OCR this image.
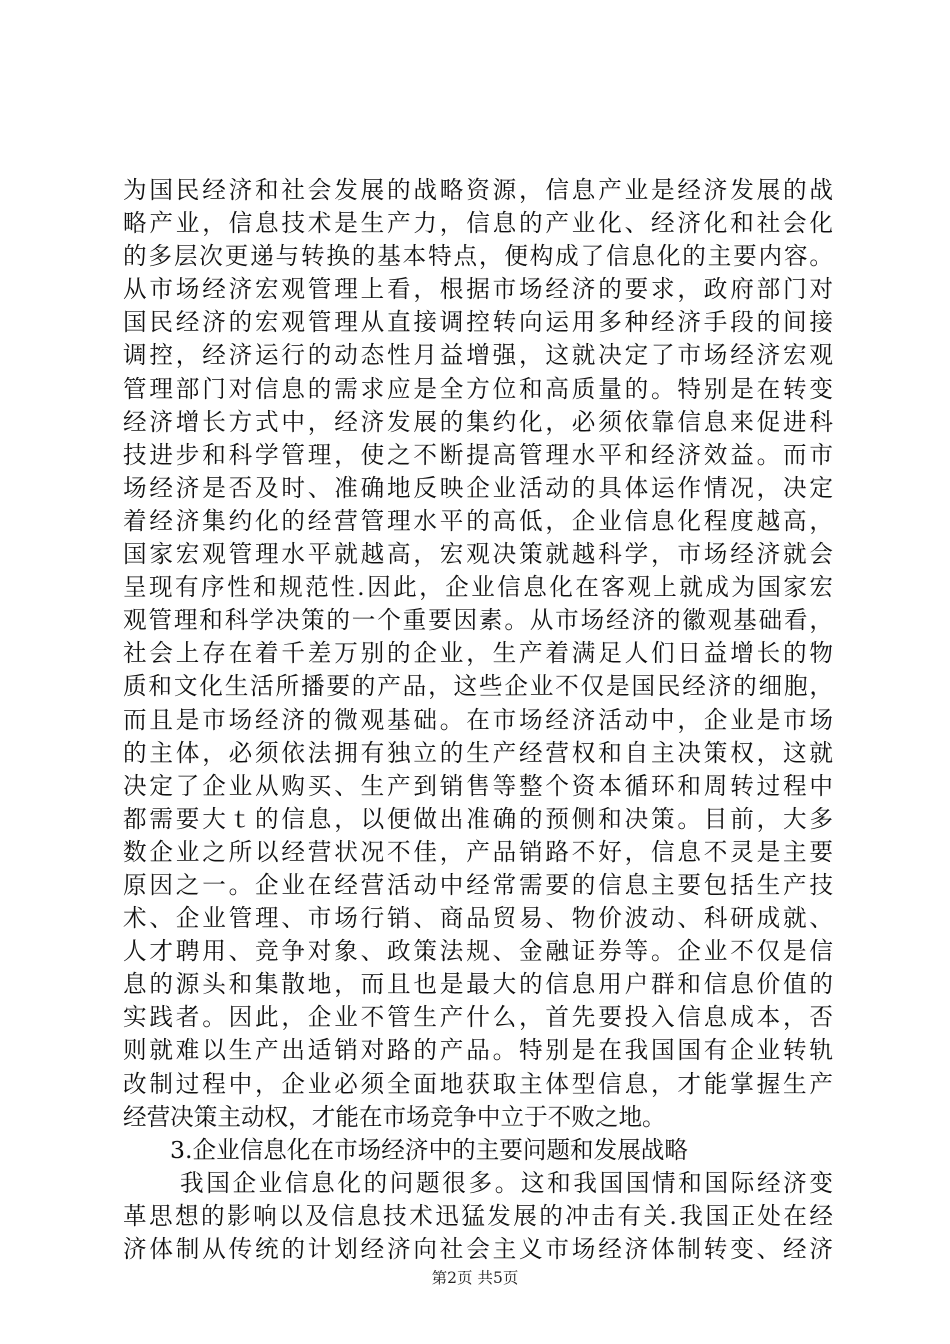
为国民经济和社会发展的战略资源，信息产业是经济发展的战
略产业，信息技术是生产力，信息的产业化、经济化和社会化
的多层次更递与转换的基本特点，便构成了信息化的主要内容。
从市场经济宏观管理上看，根据市场经济的要求，政府部门对
国民经济的宏观管理从直接调控转向运用多种经济手段的间接
调控，经济运行的动态性月益增强，这就决定了市场经济宏观
管理部门对信息的需求应是全方位和高质量的。特别是在转变
经济增长方式中，经济发展的集约化，必须依靠信息来促进科
技进步和科学管理，使之不断提高管理水平和经济效益。而市
场经济是否及时、准确地反映企业活动的具体运作情况，决定
着经济集约化的经营管理水平的高低，企业信息化程度越高，
国家宏观管理水平就越高，宏观决策就越科学，市场经济就会
呈现有序性和规范性.因此，企业信息化在客观上就成为国家宏
观管理和科学决策的一个重要因素。从市场经济的徽观基础看，
社会上存在着千差万别的企业，生产着满足人们日益增长的物
质和文化生活所播要的产品，这些企业不仅是国民经济的细胞，
而且是市场经济的微观基础。在市场经济活动中，企业是市场
的主体，必须依法拥有独立的生产经营权和自主决策权，这就
决定了企业从购买、生产到销售等整个资本循环和周转过程中
都需要大ｔ的信息，以便做出准确的预侧和决策。目前，大多
数企业之所以经营状况不佳，产品销路不好，信息不灵是主要
原因之一。企业在经营活动中经常需要的信息主要包括生产技
术、企业管理、市场行销、商品贸易、物价波动、科研成就、
人才聘用、竞争对象、政策法规、金融证券等。企业不仅是信
息的源头和集散地，而且也是最大的信息用户群和信息价值的
实践者。因此，企业不管生产什么，首先要投入信息成本，否
则就难以生产出适销对路的产品。特别是在我国国有企业转轨
改制过程中，企业必须全面地获取主体型信息，才能掌握生产
经营决策主动权，才能在市场竞争中立于不败之地。
3.企业信息化在市场经济中的主要问题和发展战略
我国企业信息化的问题很多。这和我国国情和国际经济变
革思想的影响以及信息技术迅猛发展的冲击有关.我国正处在经
济体制从传统的计划经济向社会主义市场经济体制转变、经济
第2页 共5页
